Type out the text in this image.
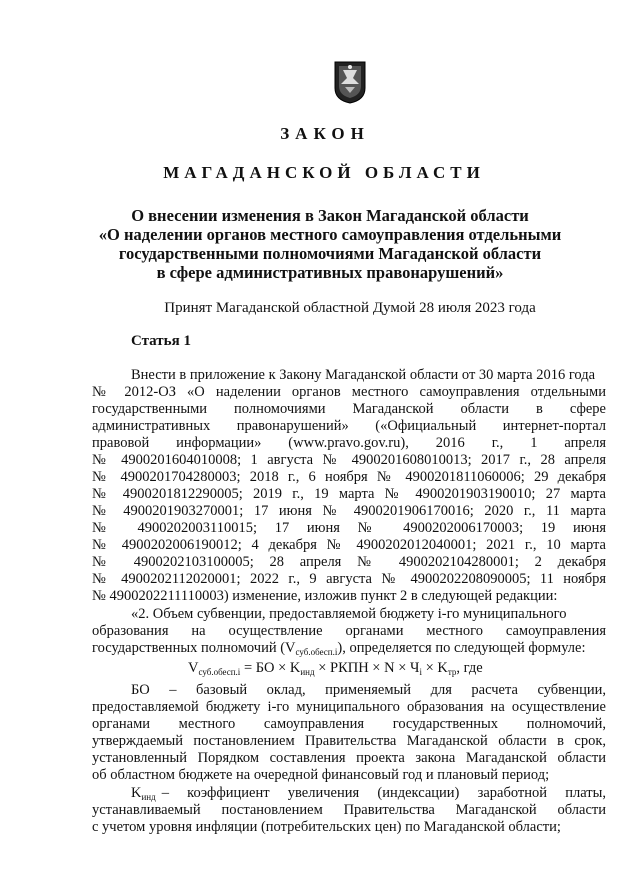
ЗАКОН
МАГАДАНСКОЙ ОБЛАСТИ
О внесении изменения в Закон Магаданской области
«О наделении органов местного самоуправления отдельными
государственными полномочиями Магаданской области
в сфере административных правонарушений»
Принят Магаданской областной Думой 28 июля 2023 года
Статья 1
Внести в приложение к Закону Магаданской области от 30 марта 2016 года
№ 2012-ОЗ «О наделении органов местного самоуправления отдельными
государственными полномочиями Магаданской области в сфере
административных правонарушений» («Официальный интернет-портал
правовой информации» (www.pravo.gov.ru), 2016 г., 1 апреля
№ 4900201604010008; 1 августа № 4900201608010013; 2017 г., 28 апреля
№ 4900201704280003; 2018 г., 6 ноября № 4900201811060006; 29 декабря
№ 4900201812290005; 2019 г., 19 марта № 4900201903190010; 27 марта
№ 4900201903270001; 17 июня № 4900201906170016; 2020 г., 11 марта
№ 4900202003110015; 17 июня № 4900202006170003; 19 июня
№ 4900202006190012; 4 декабря № 4900202012040001; 2021 г., 10 марта
№ 4900202103100005; 28 апреля № 4900202104280001; 2 декабря
№ 4900202112020001; 2022 г., 9 августа № 4900202208090005; 11 ноября
№ 4900202211110003) изменение, изложив пункт 2 в следующей редакции:
«2. Объем субвенции, предоставляемой бюджету i-го муниципального
образования на осуществление органами местного самоуправления
государственных полномочий $(V_{суб.обесп.i})$, определяется по следующей формуле:
$V_{суб.обесп.i}$ = БО × $K_{инд}$ × РКПН × $N \times Ч_i \times K_{тр}$, где
БО – базовый оклад, применяемый для расчета субвенции,
предоставляемой бюджету i-го муниципального образования на осуществление
органами местного самоуправления государственных полномочий,
утверждаемый постановлением Правительства Магаданской области в срок,
установленный Порядком составления проекта закона Магаданской области
об областном бюджете на очередной финансовый год и плановый период;
$K_{инд}$ – коэффициент увеличения (индексации) заработной платы,
устанавливаемый постановлением Правительства Магаданской области
с учетом уровня инфляции (потребительских цен) по Магаданской области;
